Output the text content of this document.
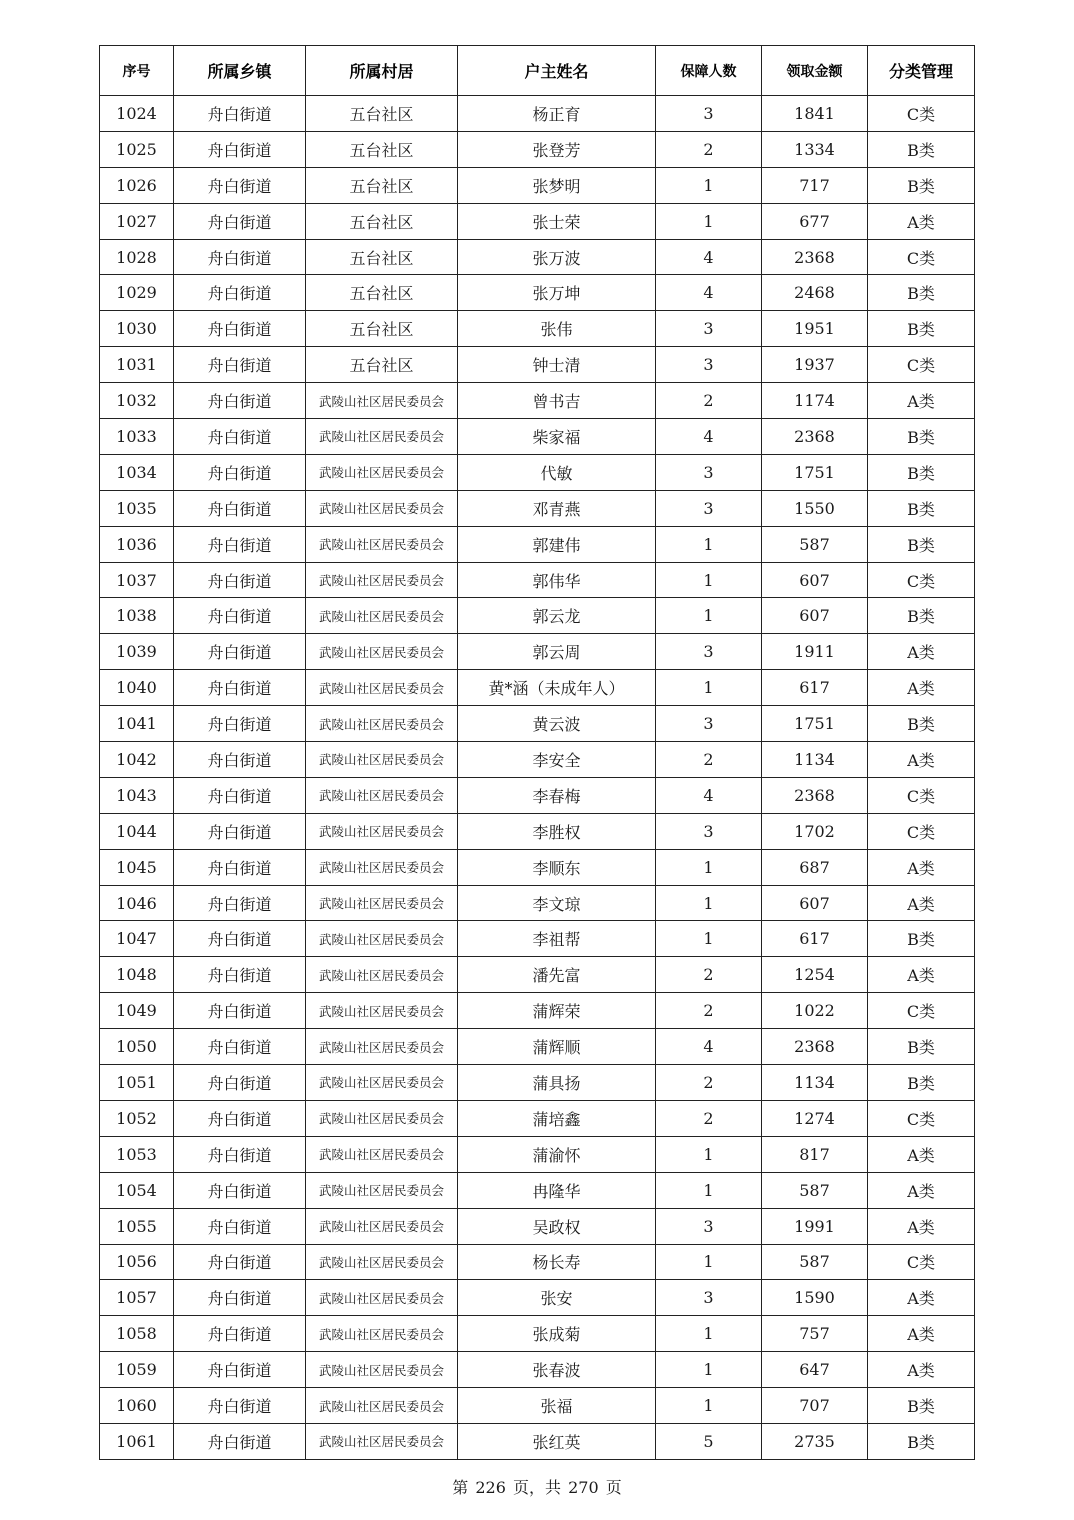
序号	所属乡镇	所属村居	户主姓名	保障人数	领取金额	分类管理
1024	舟白街道	五台社区	杨正育	3	1841	C类
1025	舟白街道	五台社区	张登芳	2	1334	B类
1026	舟白街道	五台社区	张梦明	1	717	B类
1027	舟白街道	五台社区	张士荣	1	677	A类
1028	舟白街道	五台社区	张万波	4	2368	C类
1029	舟白街道	五台社区	张万坤	4	2468	B类
1030	舟白街道	五台社区	张伟	3	1951	B类
1031	舟白街道	五台社区	钟士清	3	1937	C类
1032	舟白街道	武陵山社区居民委员会	曾书吉	2	1174	A类
1033	舟白街道	武陵山社区居民委员会	柴家福	4	2368	B类
1034	舟白街道	武陵山社区居民委员会	代敏	3	1751	B类
1035	舟白街道	武陵山社区居民委员会	邓青燕	3	1550	B类
1036	舟白街道	武陵山社区居民委员会	郭建伟	1	587	B类
1037	舟白街道	武陵山社区居民委员会	郭伟华	1	607	C类
1038	舟白街道	武陵山社区居民委员会	郭云龙	1	607	B类
1039	舟白街道	武陵山社区居民委员会	郭云周	3	1911	A类
1040	舟白街道	武陵山社区居民委员会	黄*涵（未成年人）	1	617	A类
1041	舟白街道	武陵山社区居民委员会	黄云波	3	1751	B类
1042	舟白街道	武陵山社区居民委员会	李安全	2	1134	A类
1043	舟白街道	武陵山社区居民委员会	李春梅	4	2368	C类
1044	舟白街道	武陵山社区居民委员会	李胜权	3	1702	C类
1045	舟白街道	武陵山社区居民委员会	李顺东	1	687	A类
1046	舟白街道	武陵山社区居民委员会	李文琼	1	607	A类
1047	舟白街道	武陵山社区居民委员会	李祖帮	1	617	B类
1048	舟白街道	武陵山社区居民委员会	潘先富	2	1254	A类
1049	舟白街道	武陵山社区居民委员会	蒲辉荣	2	1022	C类
1050	舟白街道	武陵山社区居民委员会	蒲辉顺	4	2368	B类
1051	舟白街道	武陵山社区居民委员会	蒲具扬	2	1134	B类
1052	舟白街道	武陵山社区居民委员会	蒲培鑫	2	1274	C类
1053	舟白街道	武陵山社区居民委员会	蒲渝怀	1	817	A类
1054	舟白街道	武陵山社区居民委员会	冉隆华	1	587	A类
1055	舟白街道	武陵山社区居民委员会	吴政权	3	1991	A类
1056	舟白街道	武陵山社区居民委员会	杨长寿	1	587	C类
1057	舟白街道	武陵山社区居民委员会	张安	3	1590	A类
1058	舟白街道	武陵山社区居民委员会	张成菊	1	757	A类
1059	舟白街道	武陵山社区居民委员会	张春波	1	647	A类
1060	舟白街道	武陵山社区居民委员会	张福	1	707	B类
1061	舟白街道	武陵山社区居民委员会	张红英	5	2735	B类
第 226 页，共 270 页
